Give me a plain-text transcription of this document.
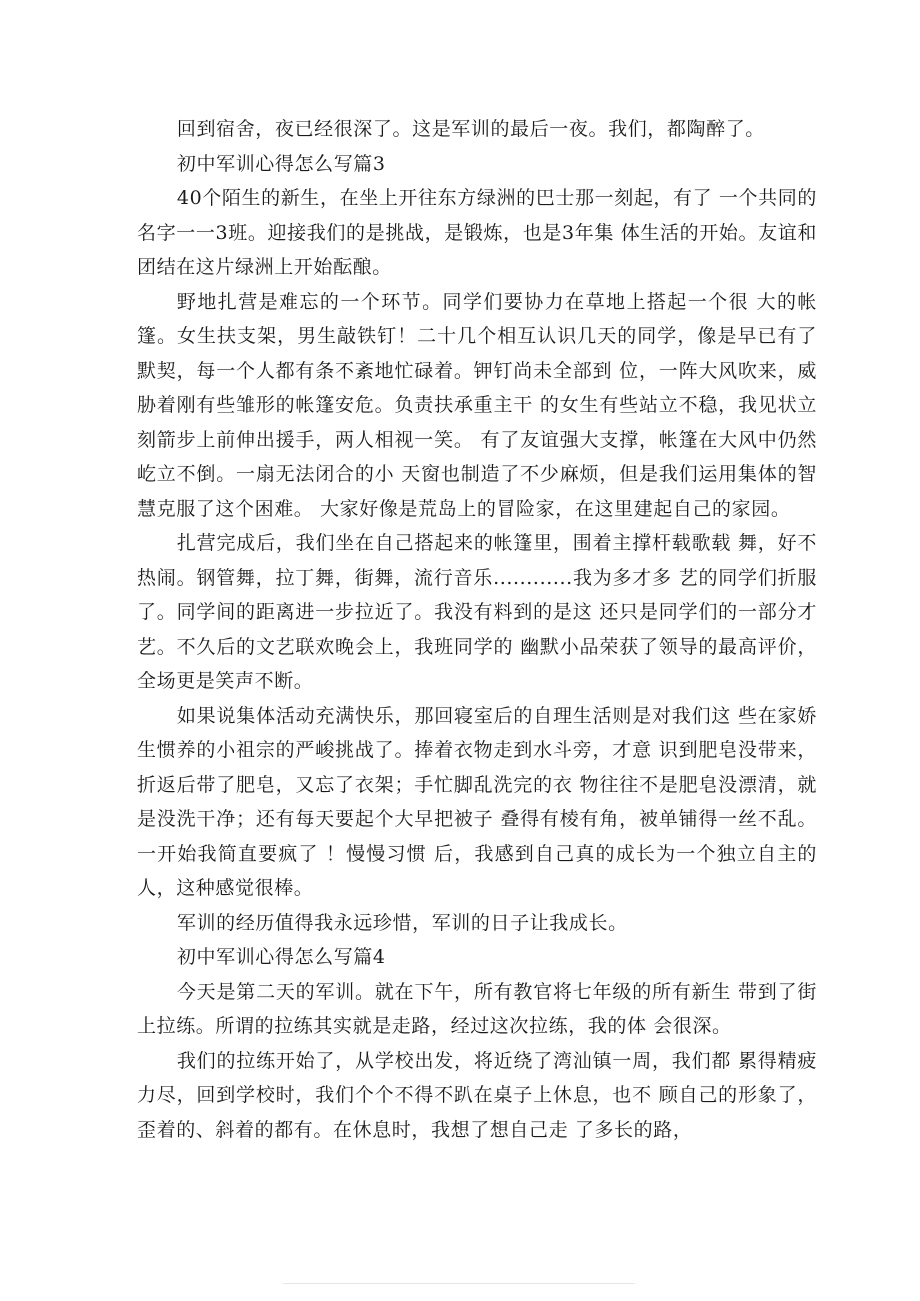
回到宿舍，夜已经很深了。这是军训的最后一夜。我们，都陶醉了。

初中军训心得怎么写篇3

40个陌生的新生，在坐上开往东方绿洲的巴士那一刻起，有了 一个共同的名字一一3班。迎接我们的是挑战，是锻炼，也是3年集 体生活的开始。友谊和团结在这片绿洲上开始酝酿。

野地扎营是难忘的一个环节。同学们要协力在草地上搭起一个很 大的帐篷。女生扶支架，男生敲铁钉！二十几个相互认识几天的同学，像是早已有了默契，每一个人都有条不紊地忙碌着。钾钉尚未全部到 位，一阵大风吹来，威胁着刚有些雏形的帐篷安危。负责扶承重主干 的女生有些站立不稳，我见状立刻箭步上前伸出援手，两人相视一笑。 有了友谊强大支撑，帐篷在大风中仍然屹立不倒。一扇无法闭合的小 天窗也制造了不少麻烦，但是我们运用集体的智慧克服了这个困难。 大家好像是荒岛上的冒险家，在这里建起自己的家园。

扎营完成后，我们坐在自己搭起来的帐篷里，围着主撑杆载歌载 舞，好不热闹。钢管舞，拉丁舞，街舞，流行音乐............我为多才多 艺的同学们折服了。同学间的距离进一步拉近了。我没有料到的是这 还只是同学们的一部分才艺。不久后的文艺联欢晚会上，我班同学的 幽默小品荣获了领导的最高评价，全场更是笑声不断。

如果说集体活动充满快乐，那回寝室后的自理生活则是对我们这 些在家娇生惯养的小祖宗的严峻挑战了。捧着衣物走到水斗旁，才意 识到肥皂没带来，折返后带了肥皂，又忘了衣架；手忙脚乱洗完的衣 物往往不是肥皂没漂清，就是没洗干净；还有每天要起个大早把被子 叠得有棱有角，被单铺得一丝不乱。一开始我简直要疯了 ！慢慢习惯 后，我感到自己真的成长为一个独立自主的人，这种感觉很棒。

军训的经历值得我永远珍惜，军训的日子让我成长。

初中军训心得怎么写篇4

今天是第二天的军训。就在下午，所有教官将七年级的所有新生 带到了街上拉练。所谓的拉练其实就是走路，经过这次拉练，我的体 会很深。

我们的拉练开始了，从学校出发，将近绕了湾汕镇一周，我们都 累得精疲力尽，回到学校时，我们个个不得不趴在桌子上休息，也不 顾自己的形象了，歪着的、斜着的都有。在休息时，我想了想自己走 了多长的路，
